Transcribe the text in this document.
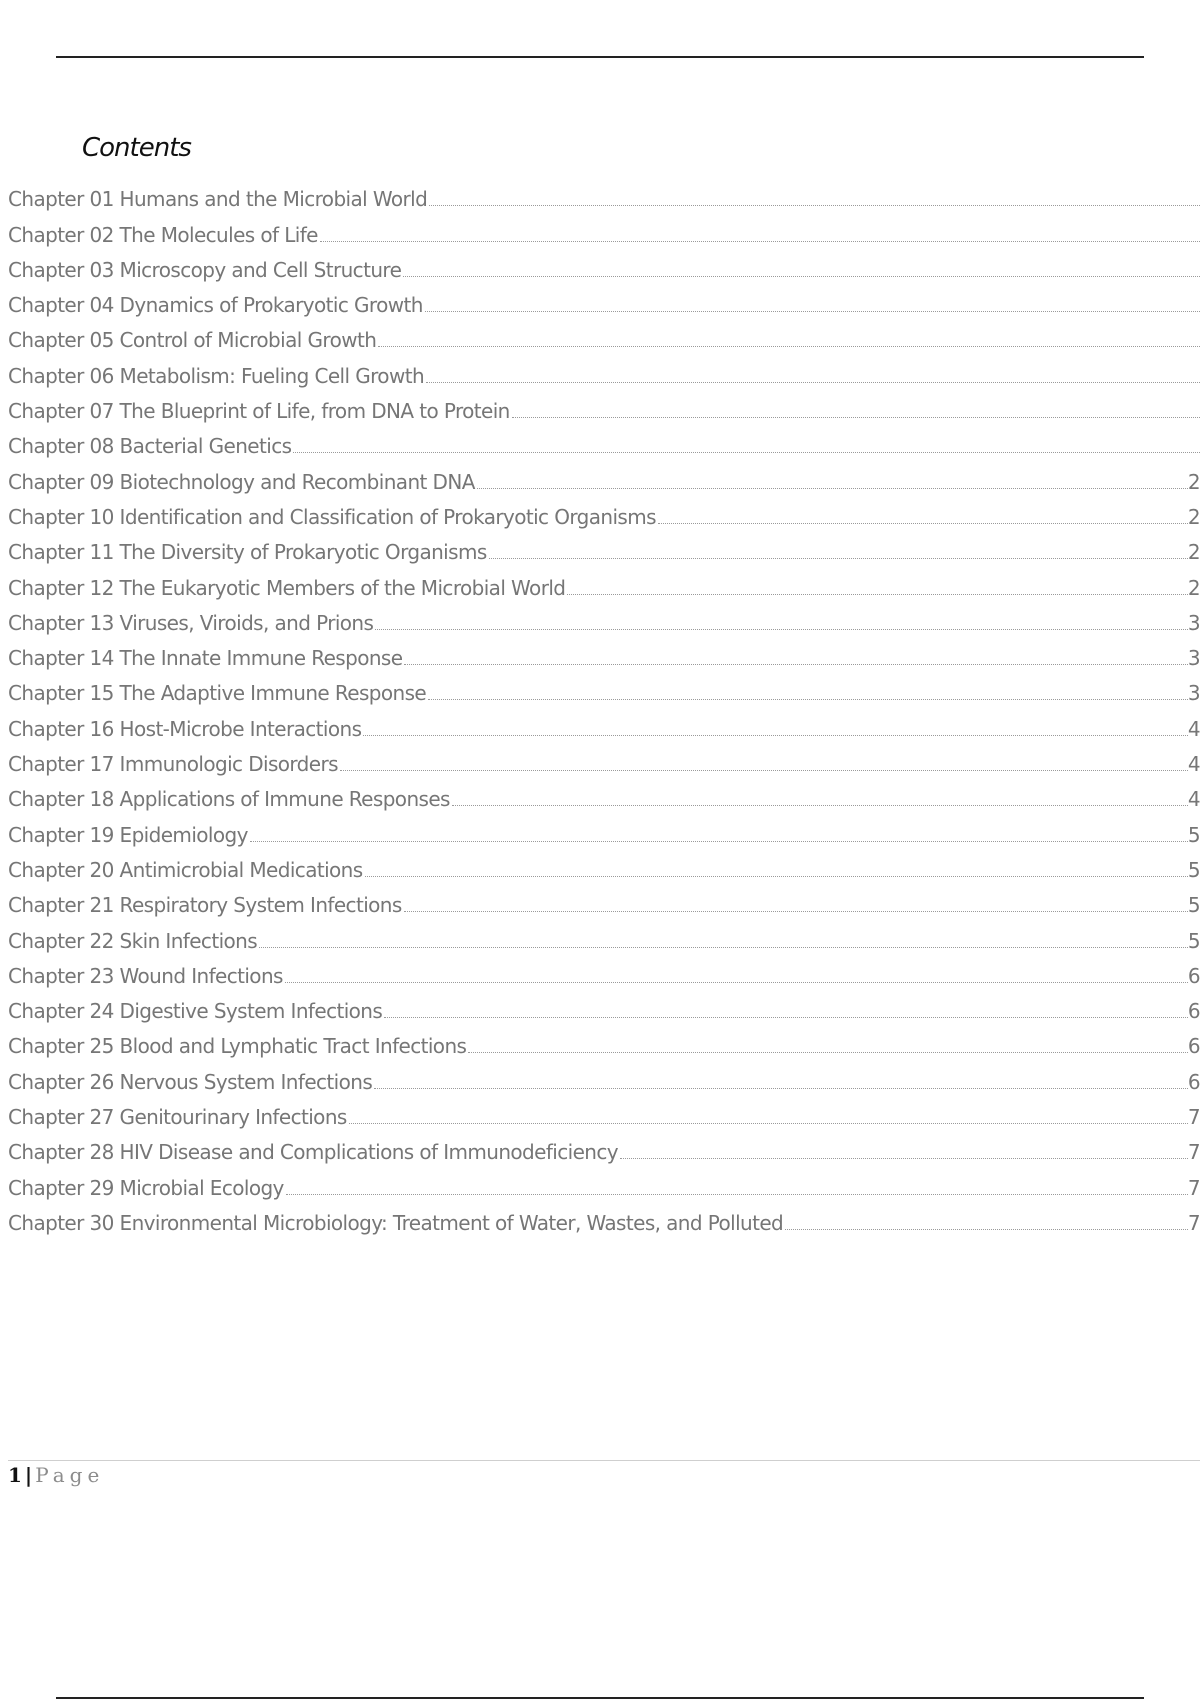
Contents
Chapter 01 Humans and the Microbial World
Chapter 02 The Molecules of Life
Chapter 03 Microscopy and Cell Structure
Chapter 04 Dynamics of Prokaryotic Growth
Chapter 05 Control of Microbial Growth
Chapter 06 Metabolism: Fueling Cell Growth
Chapter 07 The Blueprint of Life, from DNA to Protein
Chapter 08 Bacterial Genetics
Chapter 09 Biotechnology and Recombinant DNA	2
Chapter 10 Identification and Classification of Prokaryotic Organisms	2
Chapter 11 The Diversity of Prokaryotic Organisms	2
Chapter 12 The Eukaryotic Members of the Microbial World	2
Chapter 13 Viruses, Viroids, and Prions	3
Chapter 14 The Innate Immune Response	3
Chapter 15 The Adaptive Immune Response	3
Chapter 16 Host-Microbe Interactions	4
Chapter 17 Immunologic Disorders	4
Chapter 18 Applications of Immune Responses	4
Chapter 19 Epidemiology	5
Chapter 20 Antimicrobial Medications	5
Chapter 21 Respiratory System Infections	5
Chapter 22 Skin Infections	5
Chapter 23 Wound Infections	6
Chapter 24 Digestive System Infections	6
Chapter 25 Blood and Lymphatic Tract Infections	6
Chapter 26 Nervous System Infections	6
Chapter 27 Genitourinary Infections	7
Chapter 28 HIV Disease and Complications of Immunodeficiency	7
Chapter 29 Microbial Ecology	7
Chapter 30 Environmental Microbiology: Treatment of Water, Wastes, and Polluted	7
1 | Page
